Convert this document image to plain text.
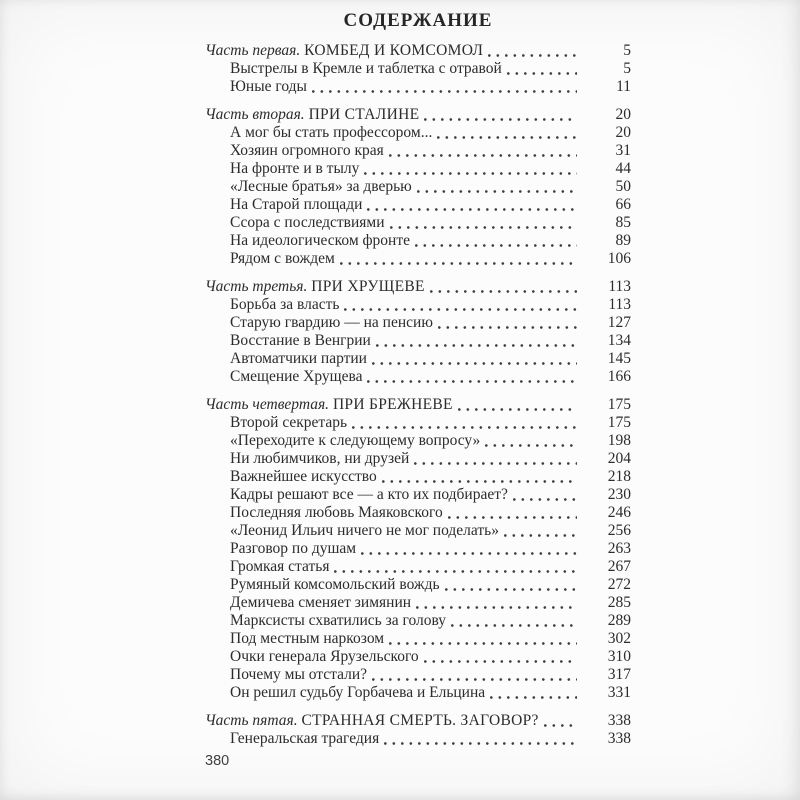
СОДЕРЖАНИЕ
Часть первая. КОМБЕД И КОМСОМОЛ	5
Выстрелы в Кремле и таблетка с отравой	5
Юные годы	11
Часть вторая. ПРИ СТАЛИНЕ	20
А мог бы стать профессором...	20
Хозяин огромного края	31
На фронте и в тылу	44
«Лесные братья» за дверью	50
На Старой площади	66
Ссора с последствиями	85
На идеологическом фронте	89
Рядом с вождем	106
Часть третья. ПРИ ХРУЩЕВЕ	113
Борьба за власть	113
Старую гвардию — на пенсию	127
Восстание в Венгрии	134
Автоматчики партии	145
Смещение Хрущева	166
Часть четвертая. ПРИ БРЕЖНЕВЕ	175
Второй секретарь	175
«Переходите к следующему вопросу»	198
Ни любимчиков, ни друзей	204
Важнейшее искусство	218
Кадры решают все — а кто их подбирает?	230
Последняя любовь Маяковского	246
«Леонид Ильич ничего не мог поделать»	256
Разговор по душам	263
Громкая статья	267
Румяный комсомольский вождь	272
Демичева сменяет зимянин	285
Марксисты схватились за голову	289
Под местным наркозом	302
Очки генерала Ярузельского	310
Почему мы отстали?	317
Он решил судьбу Горбачева и Ельцина	331
Часть пятая. СТРАННАЯ СМЕРТЬ. ЗАГОВОР?	338
Генеральская трагедия	338
380
